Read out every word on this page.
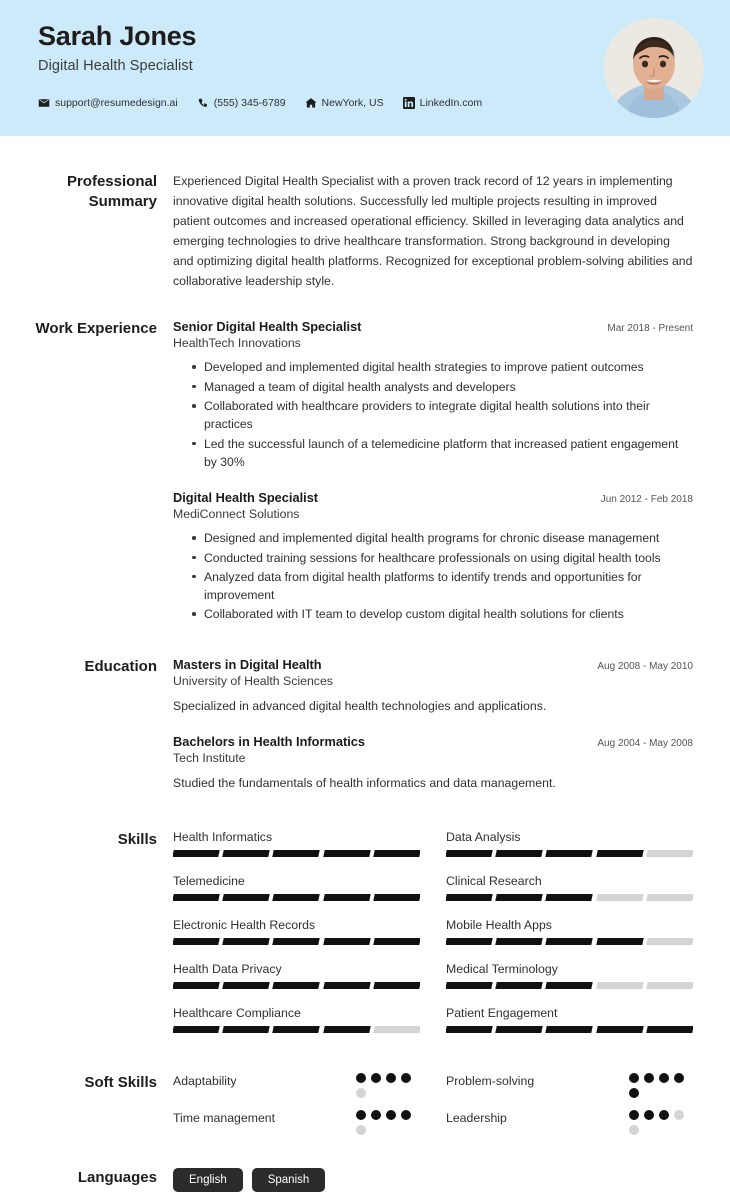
Sarah Jones
Digital Health Specialist
support@resumedesign.ai	(555) 345-6789	NewYork, US	LinkedIn.com
Professional Summary

Experienced Digital Health Specialist with a proven track record of 12 years in implementing innovative digital health solutions. Successfully led multiple projects resulting in improved patient outcomes and increased operational efficiency. Skilled in leveraging data analytics and emerging technologies to drive healthcare transformation. Strong background in developing and optimizing digital health platforms. Recognized for exceptional problem-solving abilities and collaborative leadership style.

Work Experience Senior Digital Health Specialist	Mar 2018 - Present
HealthTech Innovations
Developed and implemented digital health strategies to improve patient outcomes
Managed a team of digital health analysts and developers
Collaborated with healthcare providers to integrate digital health solutions into their practices
Led the successful launch of a telemedicine platform that increased patient engagement by 30%
Digital Health Specialist	Jun 2012 - Feb 2018
MediConnect Solutions
Designed and implemented digital health programs for chronic disease management
Conducted training sessions for healthcare professionals on using digital health tools
Analyzed data from digital health platforms to identify trends and opportunities for improvement
Collaborated with IT team to develop custom digital health solutions for clients
Education Masters in Digital Health	Aug 2008 - May 2010
University of Health Sciences
Specialized in advanced digital health technologies and applications.
Bachelors in Health Informatics	Aug 2004 - May 2008
Tech Institute
Studied the fundamentals of health informatics and data management.
Skills Health Informatics	Data Analysis
Telemedicine	Clinical Research
Electronic Health Records	Mobile Health Apps
Health Data Privacy	Medical Terminology
Healthcare Compliance	Patient Engagement
Soft Skills Adaptability	Problem-solving
Time management	Leadership
Languages	English	Spanish
